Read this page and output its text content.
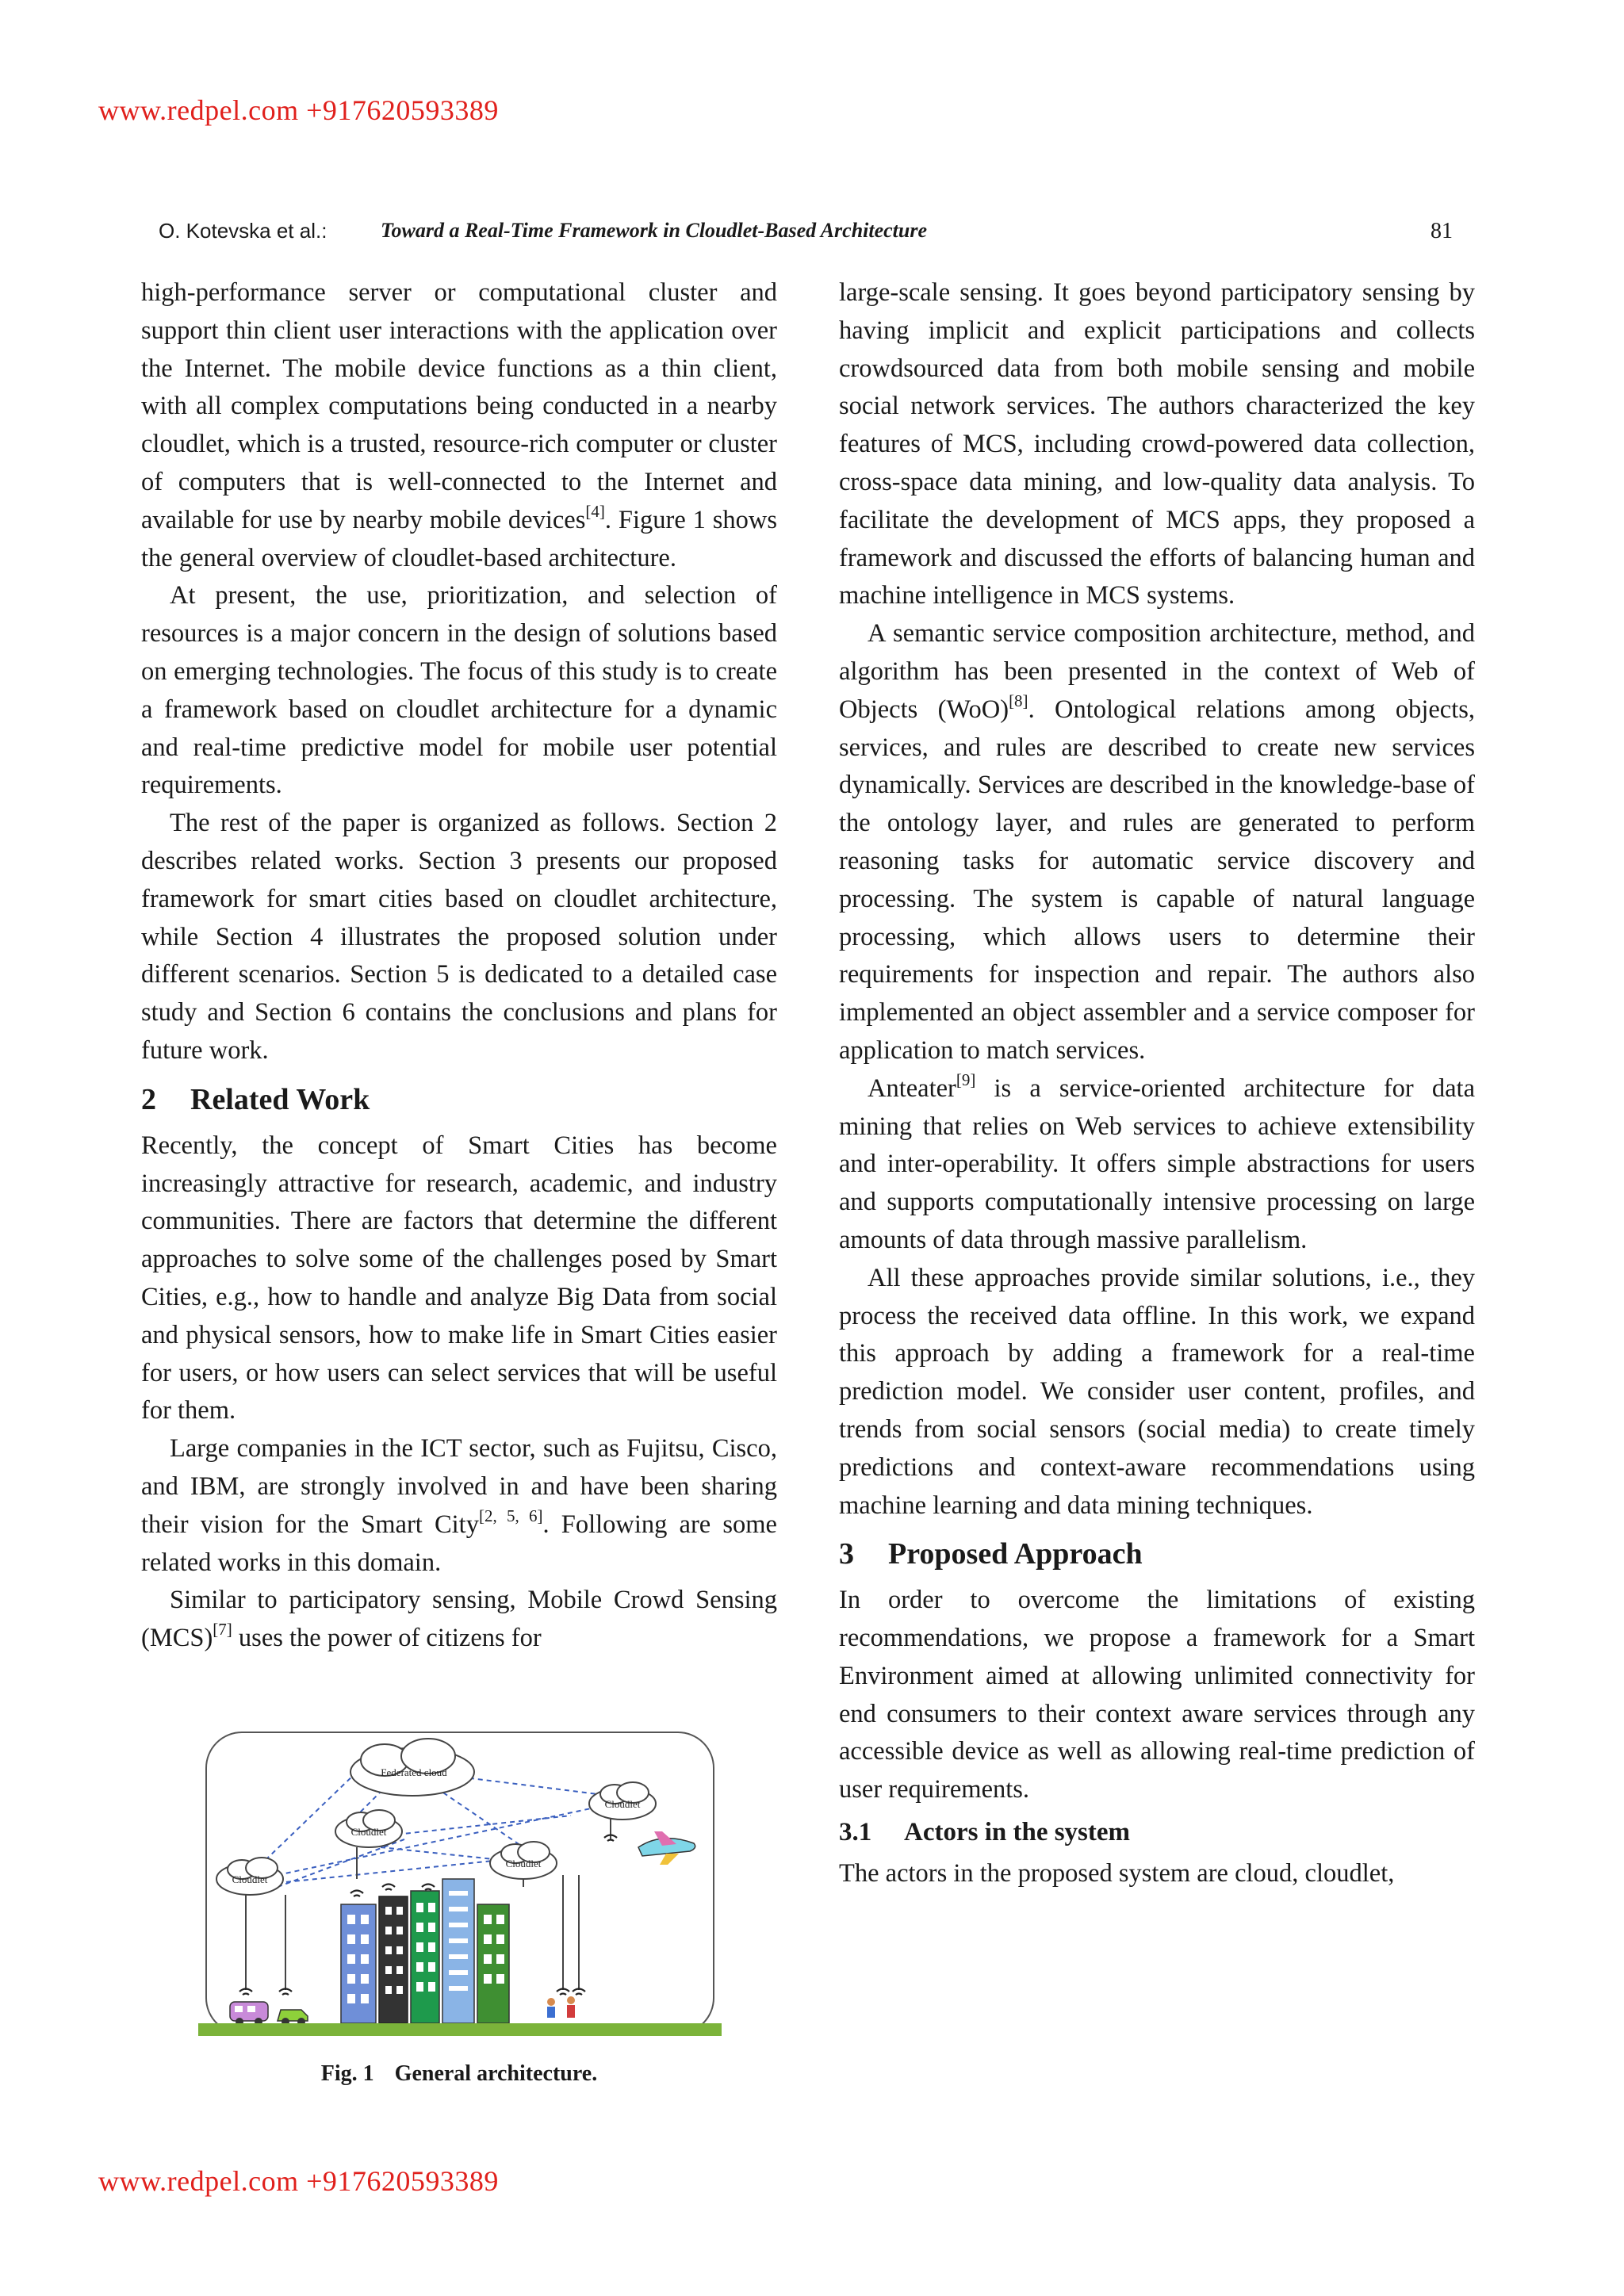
www.redpel.com +917620593389
O. Kotevska et al.:	Toward a Real-Time Framework in Cloudlet-Based Architecture	81

high-performance server or computational cluster and support thin client user interactions with the application over the Internet. The mobile device functions as a thin client, with all complex computations being conducted in a nearby cloudlet, which is a trusted, resource-rich computer or cluster of computers that is well-connected to the Internet and available for use by nearby mobile devices[4]. Figure 1 shows the general overview of cloudlet-based architecture.

At present, the use, prioritization, and selection of resources is a major concern in the design of solutions based on emerging technologies. The focus of this study is to create a framework based on cloudlet architecture for a dynamic and real-time predictive model for mobile user potential requirements.

The rest of the paper is organized as follows. Section 2 describes related works. Section 3 presents our proposed framework for smart cities based on cloudlet architecture, while Section 4 illustrates the proposed solution under different scenarios. Section 5 is dedicated to a detailed case study and Section 6 contains the conclusions and plans for future work.

2 Related Work

Recently, the concept of Smart Cities has become increasingly attractive for research, academic, and industry communities. There are factors that determine the different approaches to solve some of the challenges posed by Smart Cities, e.g., how to handle and analyze Big Data from social and physical sensors, how to make life in Smart Cities easier for users, or how users can select services that will be useful for them.

Large companies in the ICT sector, such as Fujitsu, Cisco, and IBM, are strongly involved in and have been sharing their vision for the Smart City[2, 5, 6]. Following are some related works in this domain.

Similar to participatory sensing, Mobile Crowd Sensing (MCS)[7] uses the power of citizens for

Federated cloud
Cloudlet
Cloudlet
Cloudlet
Cloudlet
Fig. 1 General architecture.

large-scale sensing. It goes beyond participatory sensing by having implicit and explicit participations and collects crowdsourced data from both mobile sensing and mobile social network services. The authors characterized the key features of MCS, including crowd-powered data collection, cross-space data mining, and low-quality data analysis. To facilitate the development of MCS apps, they proposed a framework and discussed the efforts of balancing human and machine intelligence in MCS systems.

A semantic service composition architecture, method, and algorithm has been presented in the context of Web of Objects (WoO)[8]. Ontological relations among objects, services, and rules are described to create new services dynamically. Services are described in the knowledge-base of the ontology layer, and rules are generated to perform reasoning tasks for automatic service discovery and processing. The system is capable of natural language processing, which allows users to determine their requirements for inspection and repair. The authors also implemented an object assembler and a service composer for application to match services.

Anteater[9] is a service-oriented architecture for data mining that relies on Web services to achieve extensibility and inter-operability. It offers simple abstractions for users and supports computationally intensive processing on large amounts of data through massive parallelism.

All these approaches provide similar solutions, i.e., they process the received data offline. In this work, we expand this approach by adding a framework for a real-time prediction model. We consider user content, profiles, and trends from social sensors (social media) to create timely predictions and context-aware recommendations using machine learning and data mining techniques.

3 Proposed Approach

In order to overcome the limitations of existing recommendations, we propose a framework for a Smart Environment aimed at allowing unlimited connectivity for end consumers to their context aware services through any accessible device as well as allowing real-time prediction of user requirements.

3.1 Actors in the system

The actors in the proposed system are cloud, cloudlet,

www.redpel.com +917620593389
